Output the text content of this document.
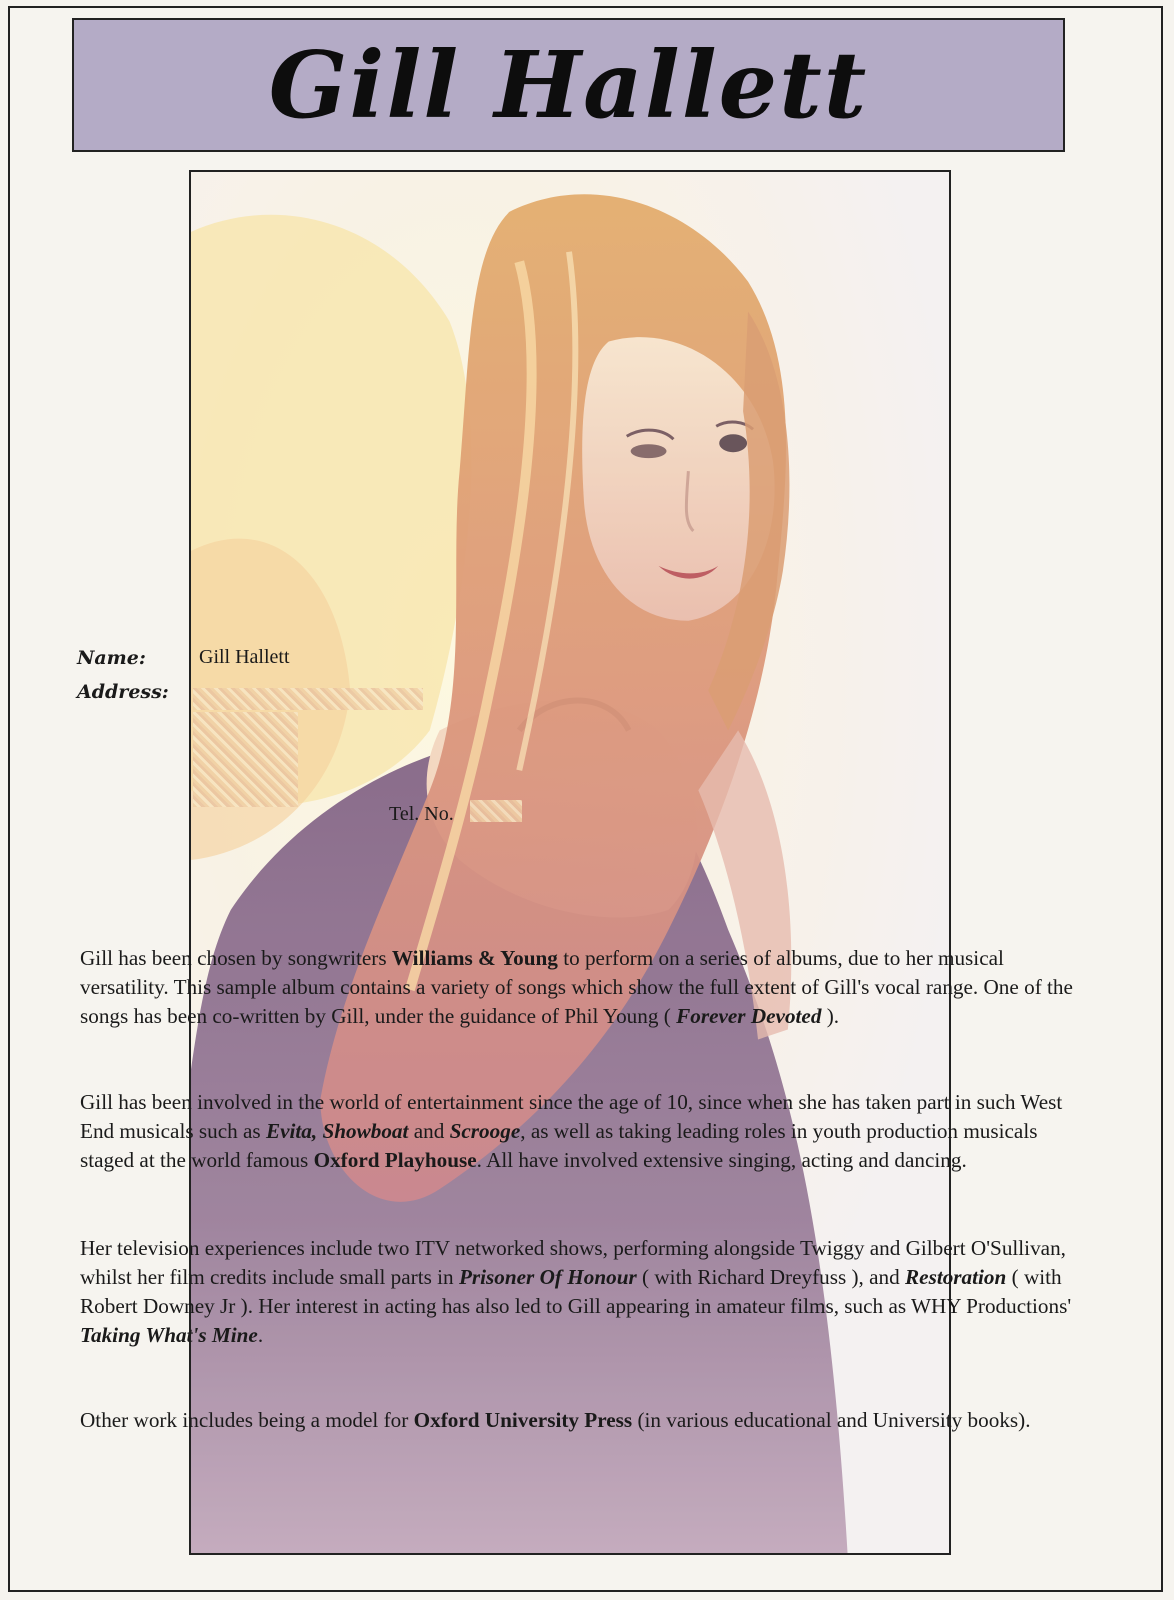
Gill Hallett
Name:	Gill Hallett
Address:
Tel. No.

Gill has been chosen by songwriters Williams & Young to perform on a series of albums, due to her musical versatility. This sample album contains a variety of songs which show the full extent of Gill's vocal range. One of the songs has been co-written by Gill, under the guidance of Phil Young ( Forever Devoted ).

Gill has been involved in the world of entertainment since the age of 10, since when she has taken part in such West End musicals such as Evita, Showboat and Scrooge, as well as taking leading roles in youth production musicals staged at the world famous Oxford Playhouse. All have involved extensive singing, acting and dancing.

Her television experiences include two ITV networked shows, performing alongside Twiggy and Gilbert O'Sullivan, whilst her film credits include small parts in Prisoner Of Honour ( with Richard Dreyfuss ), and Restoration ( with Robert Downey Jr ). Her interest in acting has also led to Gill appearing in amateur films, such as WHY Productions' Taking What's Mine.

Other work includes being a model for Oxford University Press (in various educational and University books).
